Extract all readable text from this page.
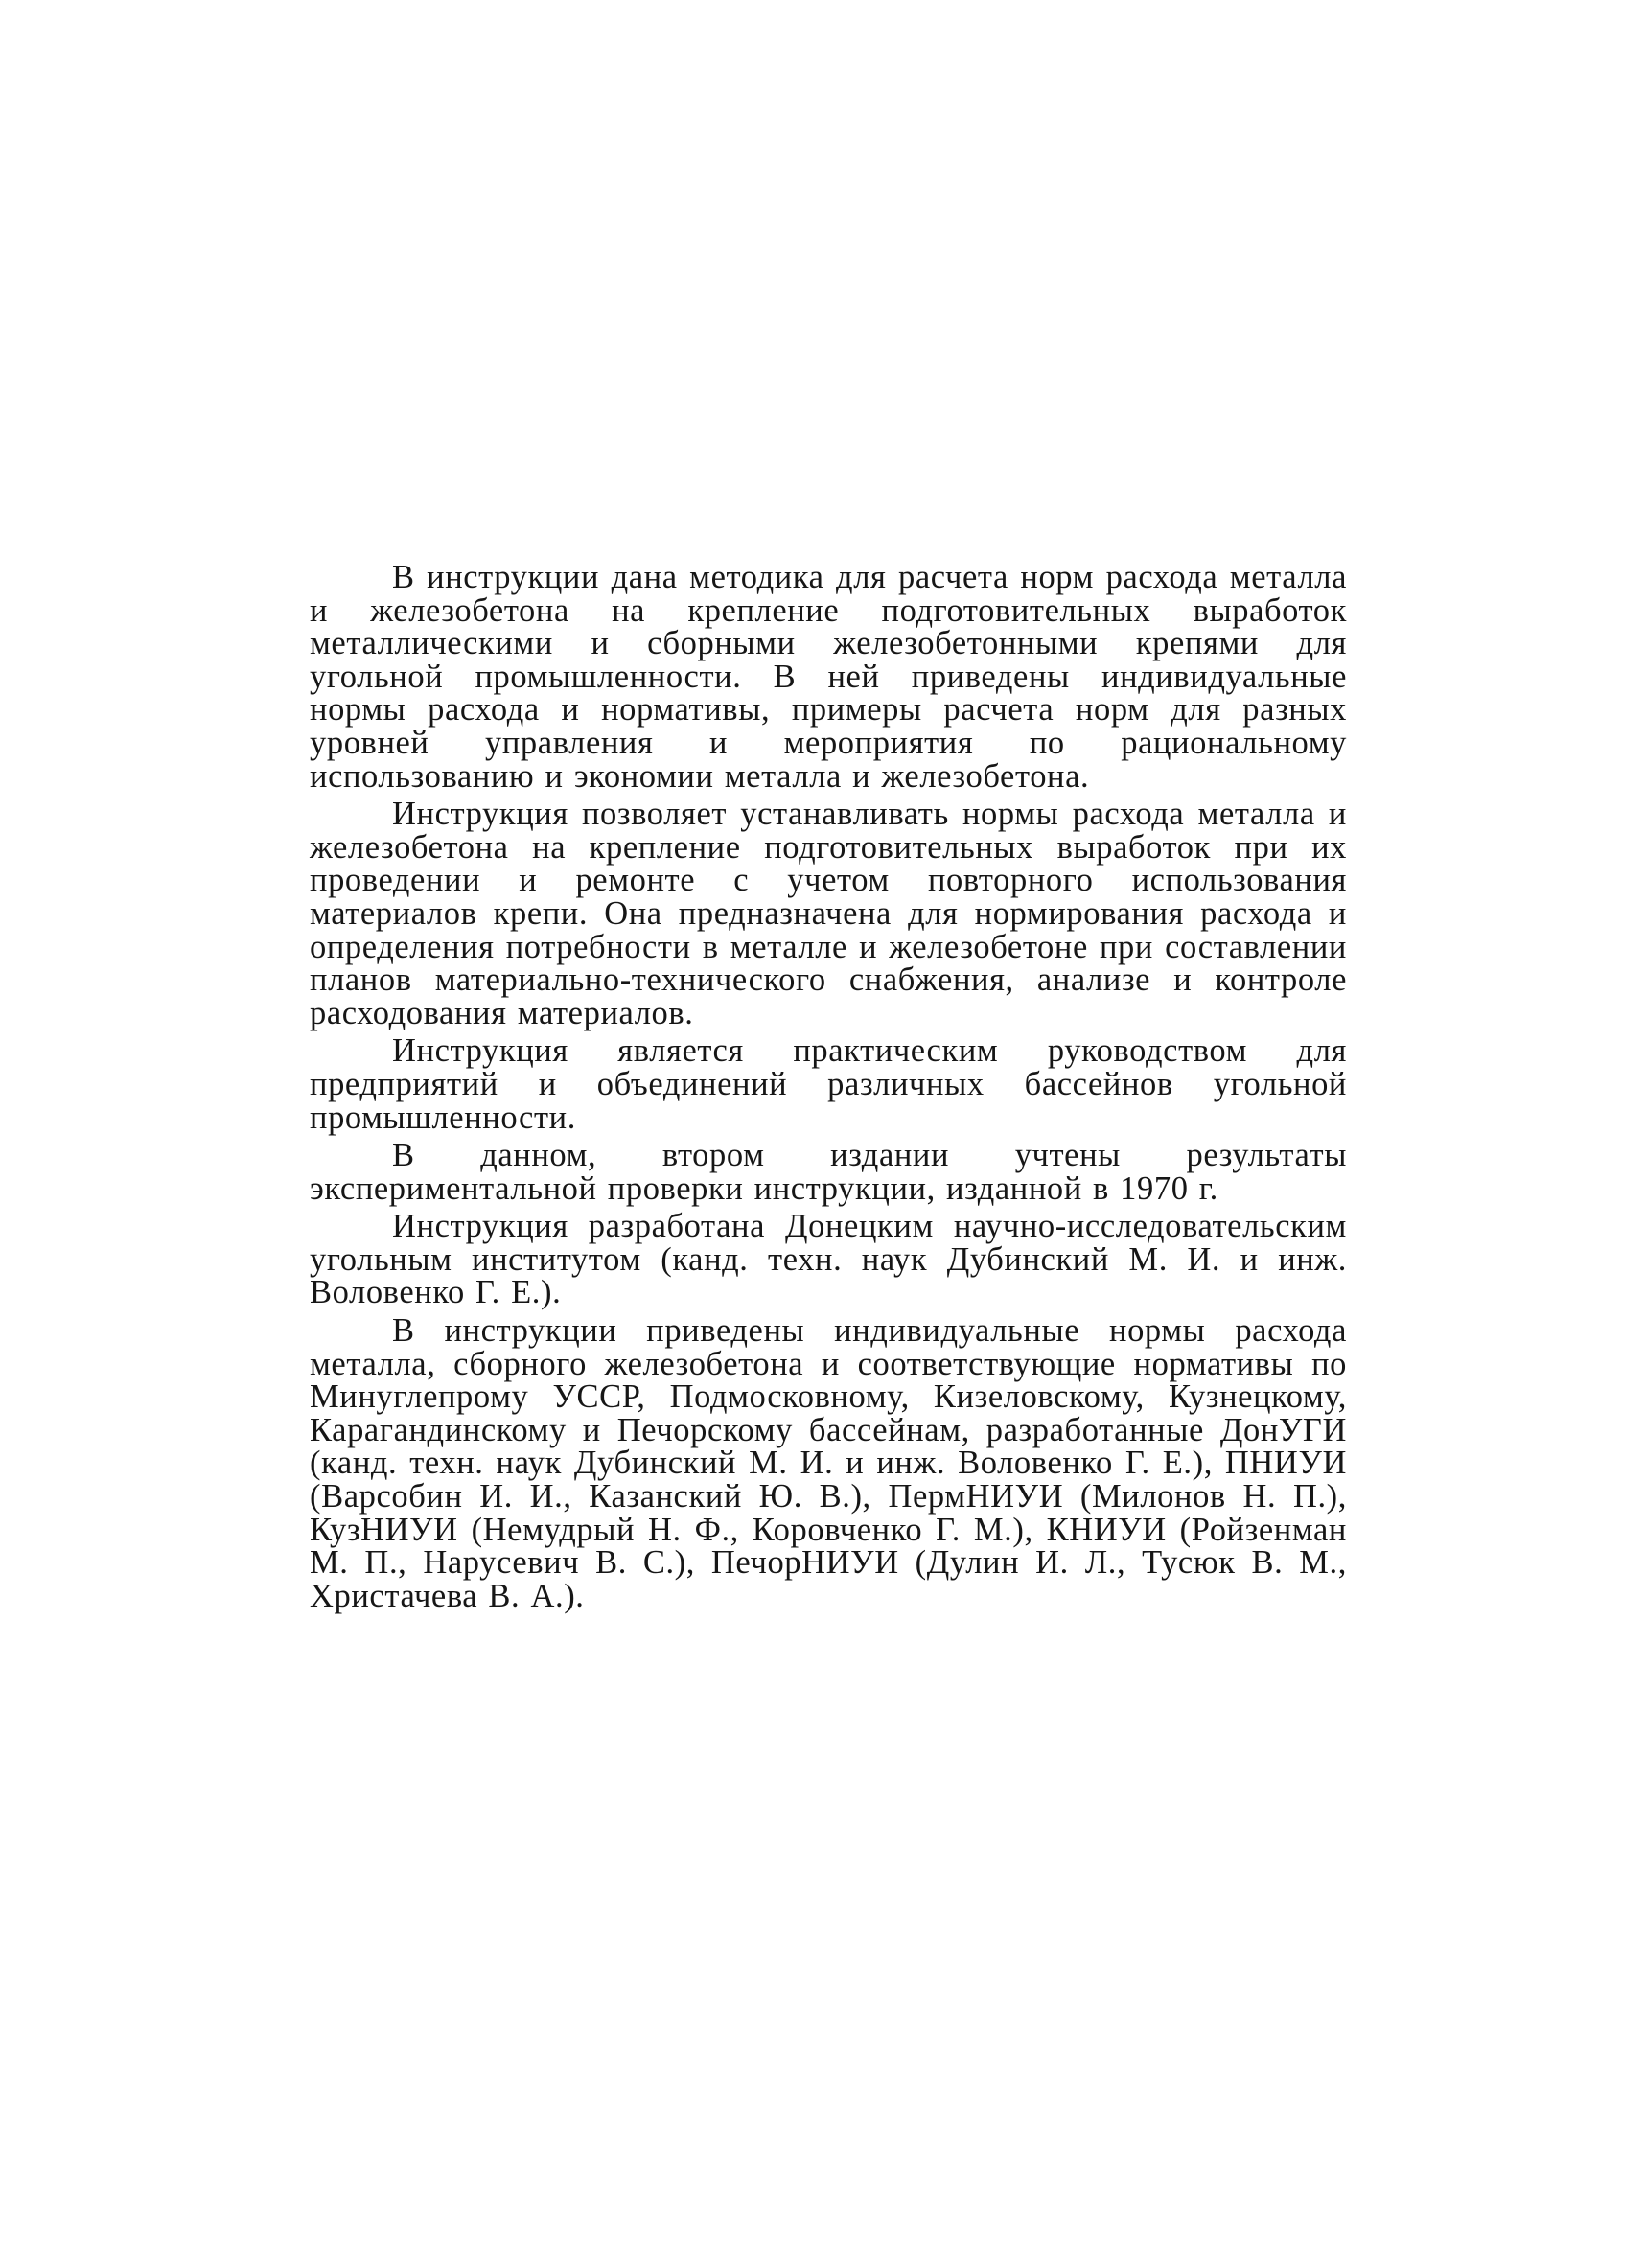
В инструкции дана методика для расчета норм расхода металла и железобетона на крепление подготовительных выработок металлическими и сборными железобетонными крепями для угольной промышленности. В ней приведены индивидуальные нормы расхода и нормативы, примеры расчета норм для разных уровней управления и мероприятия по рациональному использованию и экономии металла и железобетона.

Инструкция позволяет устанавливать нормы расхода металла и железобетона на крепление подготовительных выработок при их проведении и ремонте с учетом повторного использования материалов крепи. Она предназначена для нормирования расхода и определения потребности в металле и железобетоне при составлении планов материально-технического снабжения, анализе и контроле расходования материалов.

Инструкция является практическим руководством для предприятий и объединений различных бассейнов угольной промышленности.

В данном, втором издании учтены результаты экспериментальной проверки инструкции, изданной в 1970 г.

Инструкция разработана Донецким научно-исследовательским угольным институтом (канд. техн. наук Дубинский М. И. и инж. Воловенко Г. Е.).

В инструкции приведены индивидуальные нормы расхода металла, сборного железобетона и соответствующие нормативы по Минуглепрому УССР, Подмосковному, Кизеловскому, Кузнецкому, Карагандинскому и Печорскому бассейнам, разработанные ДонУГИ (канд. техн. наук Дубинский М. И. и инж. Воловенко Г. Е.), ПНИУИ (Варсобин И. И., Казанский Ю. В.), ПермНИУИ (Милонов Н. П.), КузНИУИ (Немудрый Н. Ф., Коровченко Г. М.), КНИУИ (Ройзенман М. П., Нарусевич В. С.), ПечорНИУИ (Дулин И. Л., Тусюк В. М., Христачева В. А.).
